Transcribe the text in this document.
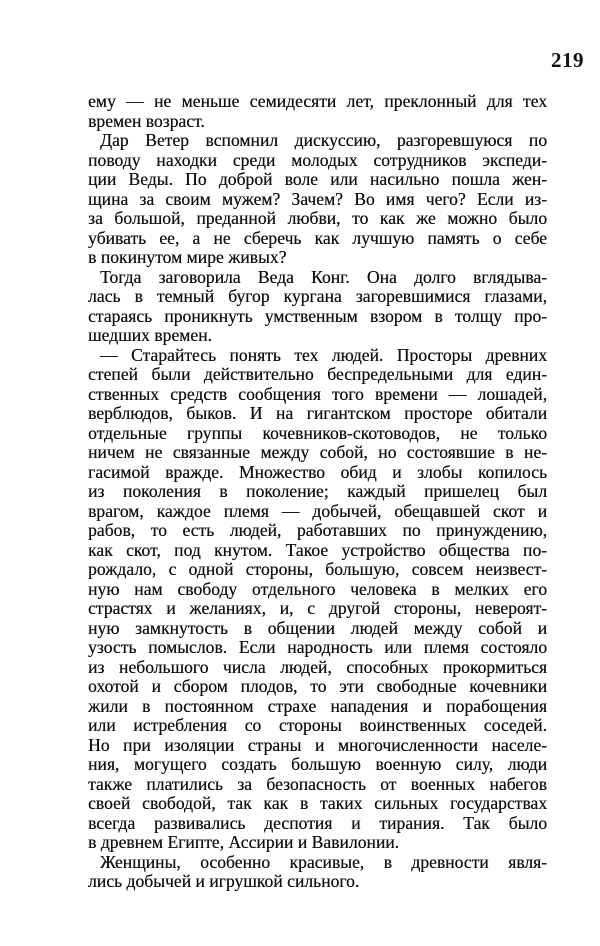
219
ему — не меньше семидесяти лет, преклонный для тех
времен возраст.
Дар Ветер вспомнил дискуссию, разгоревшуюся по
поводу находки среди молодых сотрудников экспеди-
ции Веды. По доброй воле или насильно пошла жен-
щина за своим мужем? Зачем? Во имя чего? Если из-
за большой, преданной любви, то как же можно было
убивать ее, а не сберечь как лучшую память о себе
в покинутом мире живых?
Тогда заговорила Веда Конг. Она долго вглядыва-
лась в темный бугор кургана загоревшимися глазами,
стараясь проникнуть умственным взором в толщу про-
шедших времен.
— Старайтесь понять тех людей. Просторы древних
степей были действительно беспредельными для един-
ственных средств сообщения того времени — лошадей,
верблюдов, быков. И на гигантском просторе обитали
отдельные группы кочевников-скотоводов, не только
ничем не связанные между собой, но состоявшие в не-
гасимой вражде. Множество обид и злобы копилось
из поколения в поколение; каждый пришелец был
врагом, каждое племя — добычей, обещавшей скот и
рабов, то есть людей, работавших по принуждению,
как скот, под кнутом. Такое устройство общества по-
рождало, с одной стороны, большую, совсем неизвест-
ную нам свободу отдельного человека в мелких его
страстях и желаниях, и, с другой стороны, невероят-
ную замкнутость в общении людей между собой и
узость помыслов. Если народность или племя состояло
из небольшого числа людей, способных прокормиться
охотой и сбором плодов, то эти свободные кочевники
жили в постоянном страхе нападения и порабощения
или истребления со стороны воинственных соседей.
Но при изоляции страны и многочисленности населе-
ния, могущего создать большую военную силу, люди
также платились за безопасность от военных набегов
своей свободой, так как в таких сильных государствах
всегда развивались деспотия и тирания. Так было
в древнем Египте, Ассирии и Вавилонии.
Женщины, особенно красивые, в древности явля-
лись добычей и игрушкой сильного.
